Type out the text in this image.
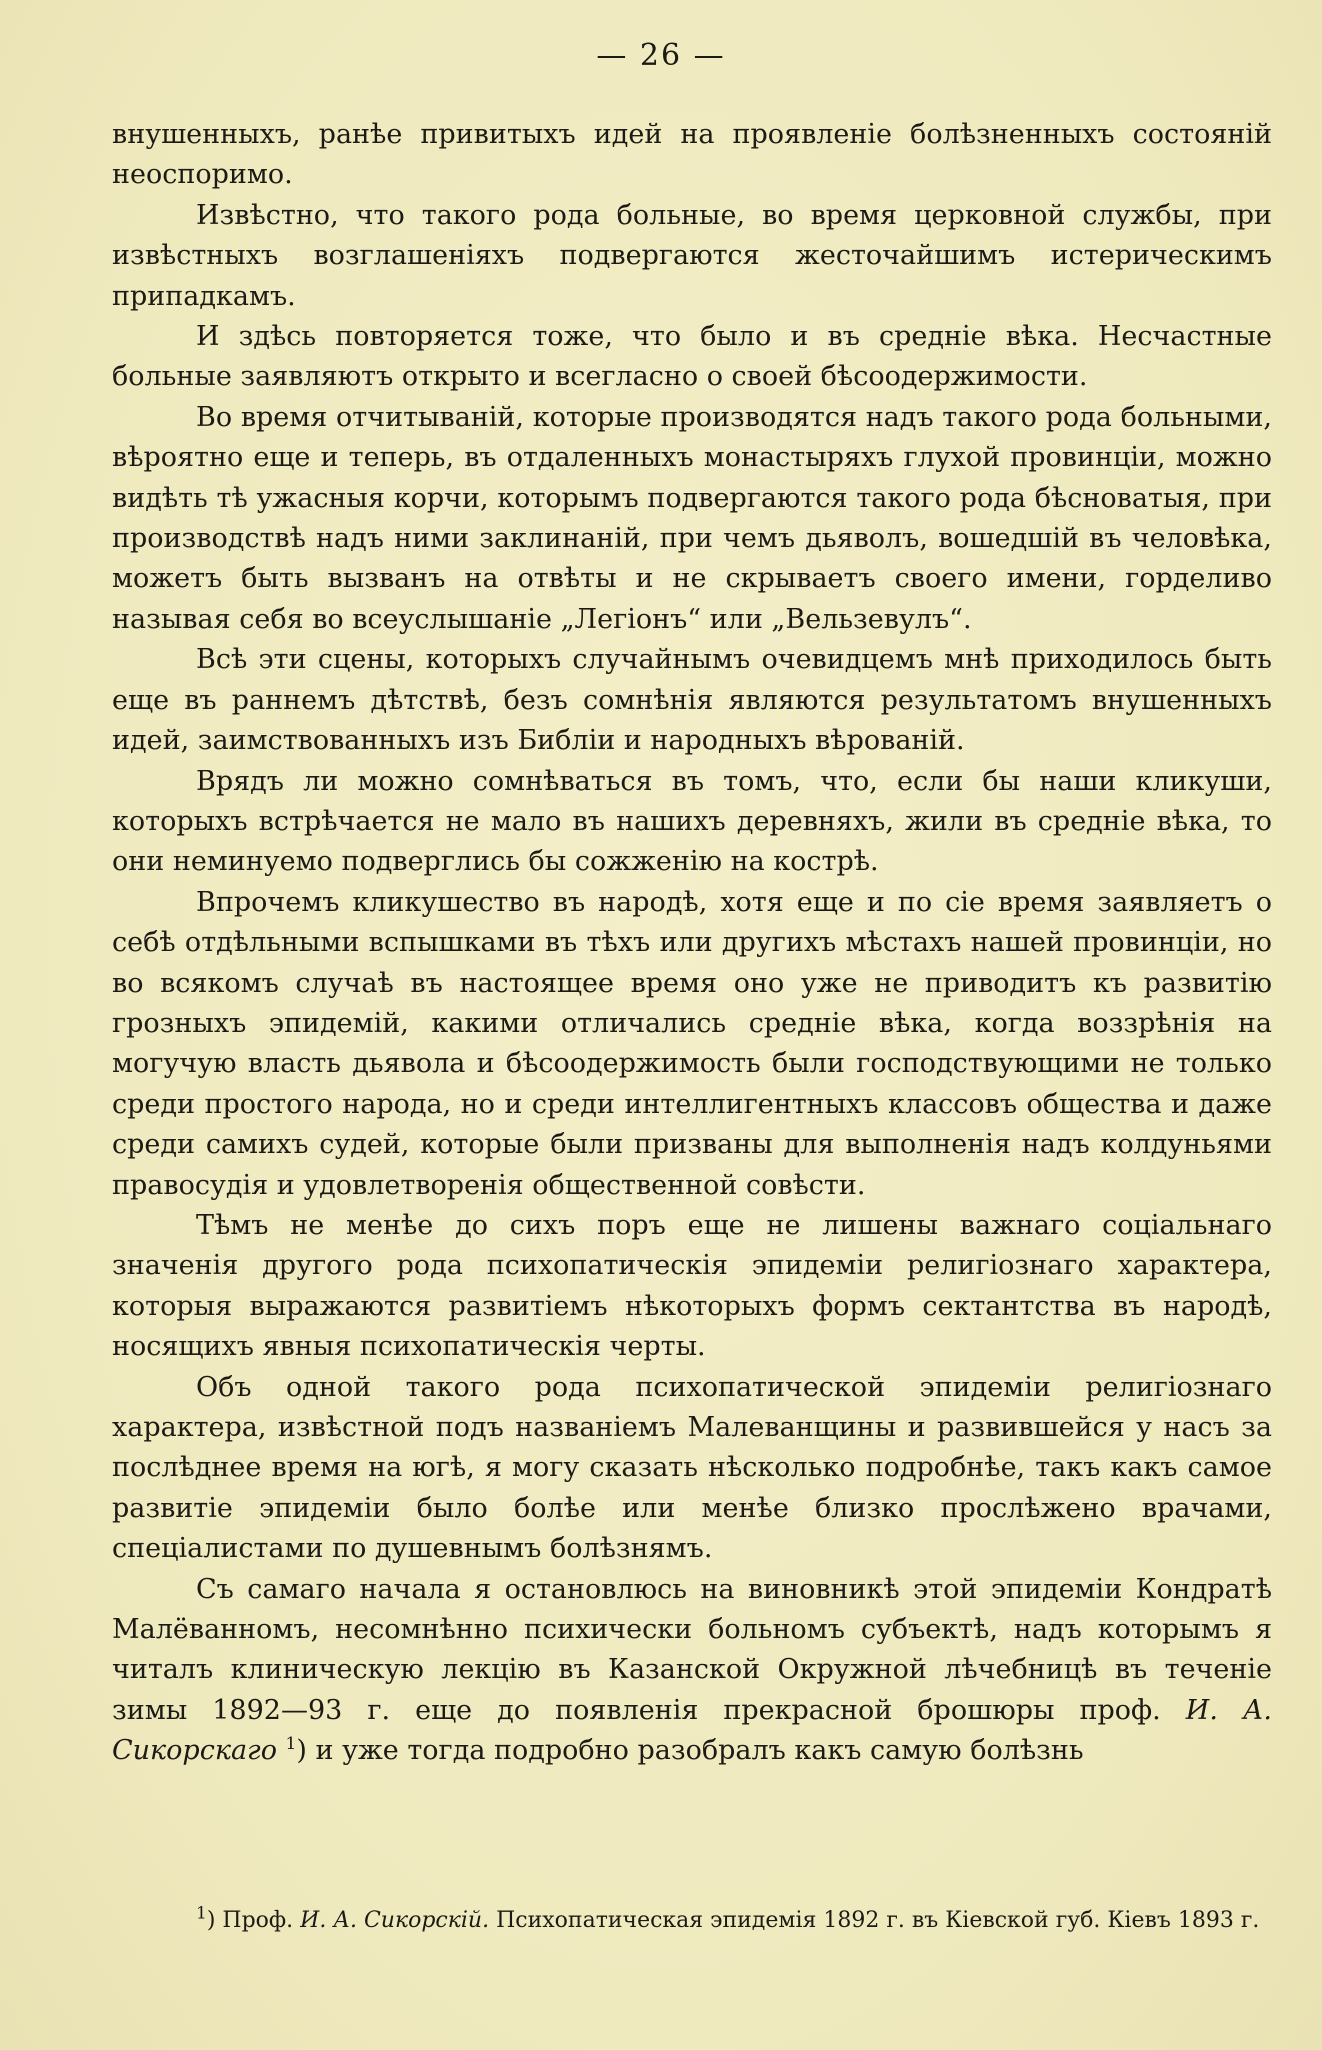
— 26 —

внушенныхъ, ранѣе привитыхъ идей на проявленіе болѣзненныхъ состояній неоспоримо.

Извѣстно, что такого рода больные, во время церковной службы, при извѣстныхъ возглашеніяхъ подвергаются жесточайшимъ истерическимъ припадкамъ.

И здѣсь повторяется тоже, что было и въ средніе вѣка. Несчастные больные заявляютъ открыто и всегласно о своей бѣсоодержимости.

Во время отчитываній, которые производятся надъ такого рода больными, вѣроятно еще и теперь, въ отдаленныхъ монастыряхъ глухой провинціи, можно видѣть тѣ ужасныя корчи, которымъ подвергаются такого рода бѣсноватыя, при производствѣ надъ ними заклинаній, при чемъ дьяволъ, вошедшій въ человѣка, можетъ быть вызванъ на отвѣты и не скрываетъ своего имени, горделиво называя себя во всеуслышаніе „Легіонъ“ или „Вельзевулъ“.

Всѣ эти сцены, которыхъ случайнымъ очевидцемъ мнѣ приходилось быть еще въ раннемъ дѣтствѣ, безъ сомнѣнія являются результатомъ внушенныхъ идей, заимствованныхъ изъ Библіи и народныхъ вѣрованій.

Врядъ ли можно сомнѣваться въ томъ, что, если бы наши кликуши, которыхъ встрѣчается не мало въ нашихъ деревняхъ, жили въ средніе вѣка, то они неминуемо подверглись бы сожженію на кострѣ.

Впрочемъ кликушество въ народѣ, хотя еще и по сіе время заявляетъ о себѣ отдѣльными вспышками въ тѣхъ или другихъ мѣстахъ нашей провинціи, но во всякомъ случаѣ въ настоящее время оно уже не приводитъ къ развитію грозныхъ эпидемій, какими отличались средніе вѣка, когда воззрѣнія на могучую власть дьявола и бѣсоодержимость были господствующими не только среди простого народа, но и среди интеллигентныхъ классовъ общества и даже среди самихъ судей, которые были призваны для выполненія надъ колдуньями правосудія и удовлетворенія общественной совѣсти.

Тѣмъ не менѣе до сихъ поръ еще не лишены важнаго соціальнаго значенія другого рода психопатическія эпидеміи религіознаго характера, которыя выражаются развитіемъ нѣкоторыхъ формъ сектантства въ народѣ, носящихъ явныя психопатическія черты.

Объ одной такого рода психопатической эпидеміи религіознаго характера, извѣстной подъ названіемъ Малеванщины и развившейся у насъ за послѣднее время на югѣ, я могу сказать нѣсколько подробнѣе, такъ какъ самое развитіе эпидеміи было болѣе или менѣе близко прослѣжено врачами, спеціалистами по душевнымъ болѣзнямъ.

Съ самаго начала я остановлюсь на виновникѣ этой эпидеміи Кондратѣ Малёванномъ, несомнѣнно психически больномъ субъектѣ, надъ которымъ я читалъ клиническую лекцію въ Казанской Окружной лѣчебницѣ въ теченіе зимы 1892—93 г. еще до появленія прекрасной брошюры проф. И. А. Сикорскаго $^1$) и уже тогда подробно разобралъ какъ самую болѣзнь

$^1$) Проф. И. А. Сикорскій. Психопатическая эпидемія 1892 г. въ Кіевской губ. Кіевъ 1893 г.
